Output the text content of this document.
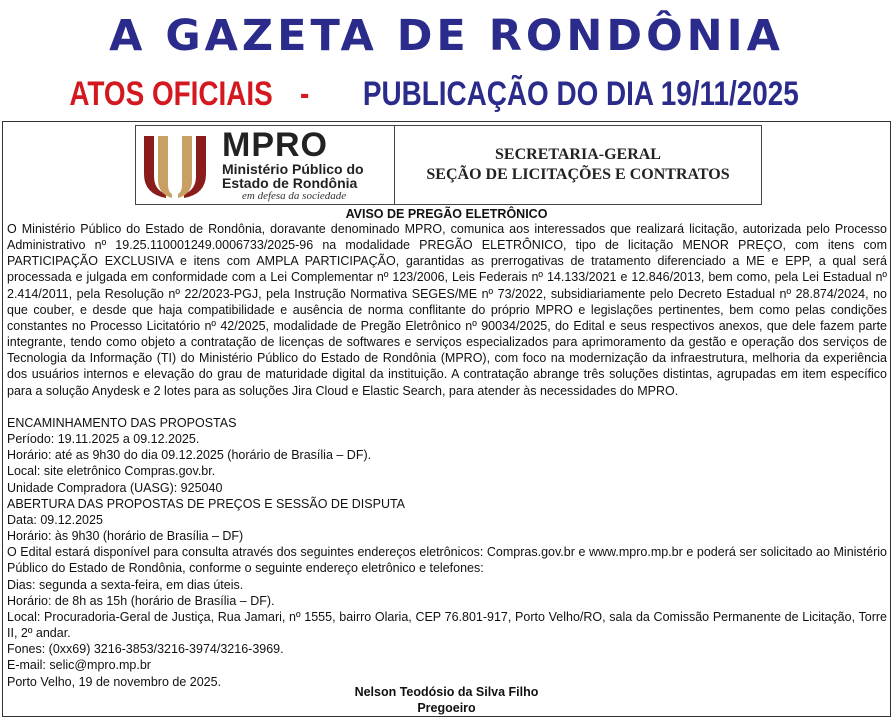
A GAZETA DE RONDÔNIA
ATOS OFICIAIS - PUBLICAÇÃO DO DIA 19/11/2025
MPRO
Ministério Público do
Estado de Rondônia
em defesa da sociedade
SECRETARIA-GERAL
SEÇÃO DE LICITAÇÕES E CONTRATOS
AVISO DE PREGÃO ELETRÔNICO

O Ministério Público do Estado de Rondônia, doravante denominado MPRO, comunica aos interessados que realizará licitação, autorizada pelo Processo Administrativo nº 19.25.110001249.0006733/2025-96 na modalidade PREGÃO ELETRÔNICO, tipo de licitação MENOR PREÇO, com itens com PARTICIPAÇÃO EXCLUSIVA e itens com AMPLA PARTICIPAÇÃO, garantidas as prerrogativas de tratamento diferenciado a ME e EPP, a qual será processada e julgada em conformidade com a Lei Complementar nº 123/2006, Leis Federais nº 14.133/2021 e 12.846/2013, bem como, pela Lei Estadual nº 2.414/2011, pela Resolução nº 22/2023-PGJ, pela Instrução Normativa SEGES/ME nº 73/2022, subsidiariamente pelo Decreto Estadual nº 28.874/2024, no que couber, e desde que haja compatibilidade e ausência de norma conflitante do próprio MPRO e legislações pertinentes, bem como pelas condições constantes no Processo Licitatório nº 42/2025, modalidade de Pregão Eletrônico nº 90034/2025, do Edital e seus respectivos anexos, que dele fazem parte integrante, tendo como objeto a contratação de licenças de softwares e serviços especializados para aprimoramento da gestão e operação dos serviços de Tecnologia da Informação (TI) do Ministério Público do Estado de Rondônia (MPRO), com foco na modernização da infraestrutura, melhoria da experiência dos usuários internos e elevação do grau de maturidade digital da instituição. A contratação abrange três soluções distintas, agrupadas em item específico para a solução Anydesk e 2 lotes para as soluções Jira Cloud e Elastic Search, para atender às necessidades do MPRO.

ENCAMINHAMENTO DAS PROPOSTAS
Período: 19.11.2025 a 09.12.2025.
Horário: até as 9h30 do dia 09.12.2025 (horário de Brasília – DF).
Local: site eletrônico Compras.gov.br.
Unidade Compradora (UASG): 925040
ABERTURA DAS PROPOSTAS DE PREÇOS E SESSÃO DE DISPUTA
Data: 09.12.2025
Horário: às 9h30 (horário de Brasília – DF)
O Edital estará disponível para consulta através dos seguintes endereços eletrônicos: Compras.gov.br e www.mpro.mp.br e poderá ser solicitado ao Ministério Público do Estado de Rondônia, conforme o seguinte endereço eletrônico e telefones:
Dias: segunda a sexta-feira, em dias úteis.
Horário: de 8h as 15h (horário de Brasília – DF).
Local: Procuradoria-Geral de Justiça, Rua Jamari, nº 1555, bairro Olaria, CEP 76.801-917, Porto Velho/RO, sala da Comissão Permanente de Licitação, Torre II, 2º andar.
Fones: (0xx69) 3216-3853/3216-3974/3216-3969.
E-mail: selic@mpro.mp.br
Porto Velho, 19 de novembro de 2025.
Nelson Teodósio da Silva Filho
Pregoeiro
